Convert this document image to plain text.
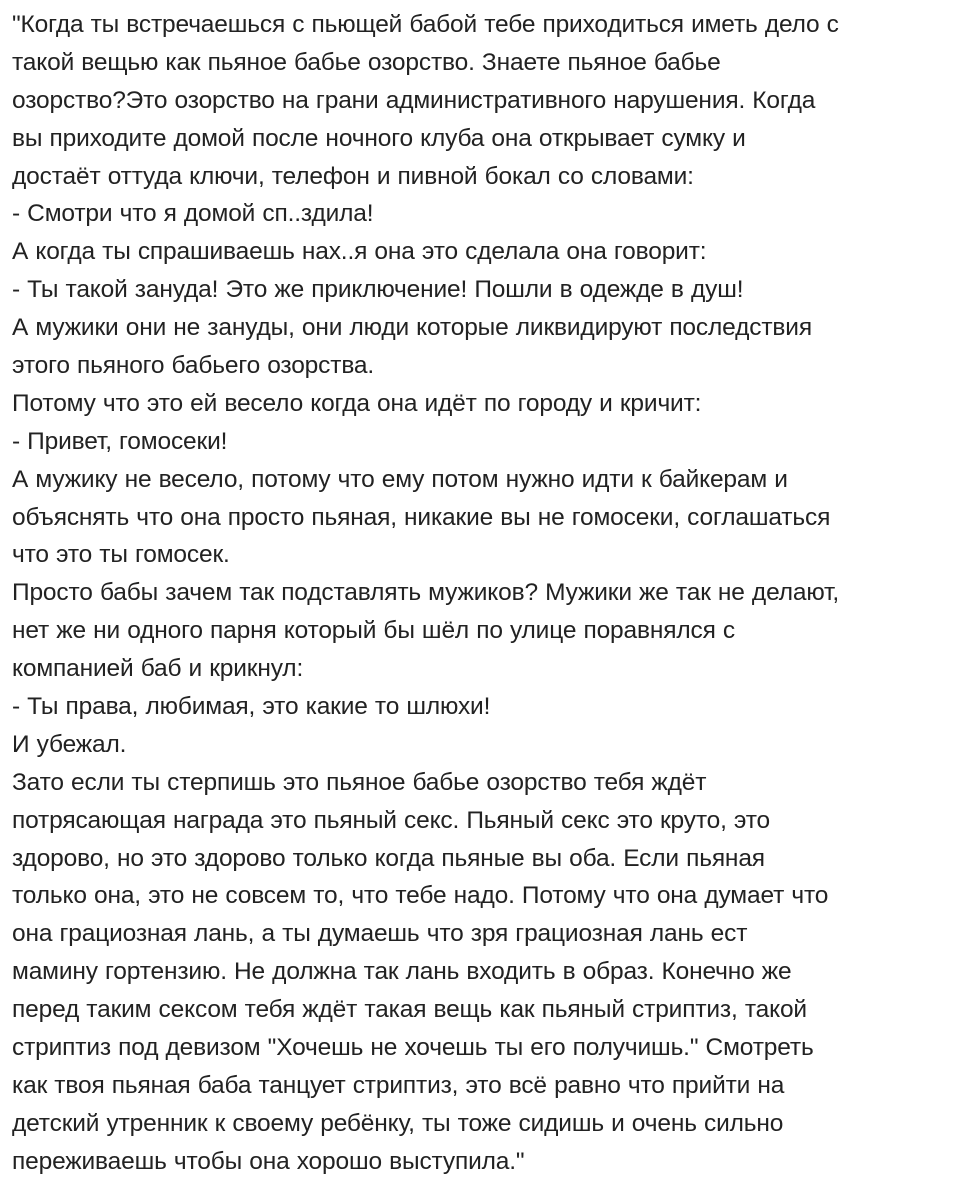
"Когда ты встречаешься с пьющей бабой тебе приходиться иметь дело с
такой вещью как пьяное бабье озорство. Знаете пьяное бабье
озорство?Это озорство на грани административного нарушения. Когда
вы приходите домой после ночного клуба она открывает сумку и
достаёт оттуда ключи, телефон и пивной бокал со словами:
- Смотри что я домой сп..здила!
А когда ты спрашиваешь нах..я она это сделала она говорит:
- Ты такой зануда! Это же приключение! Пошли в одежде в душ!
А мужики они не зануды, они люди которые ликвидируют последствия
этого пьяного бабьего озорства.
Потому что это ей весело когда она идёт по городу и кричит:
- Привет, гомосеки!
А мужику не весело, потому что ему потом нужно идти к байкерам и
объяснять что она просто пьяная, никакие вы не гомосеки, соглашаться
что это ты гомосек.
Просто бабы зачем так подставлять мужиков? Мужики же так не делают,
нет же ни одного парня который бы шёл по улице поравнялся с
компанией баб и крикнул:
- Ты права, любимая, это какие то шлюхи!
И убежал.
Зато если ты стерпишь это пьяное бабье озорство тебя ждёт
потрясающая награда это пьяный секс. Пьяный секс это круто, это
здорово, но это здорово только когда пьяные вы оба. Если пьяная
только она, это не совсем то, что тебе надо. Потому что она думает что
она грациозная лань, а ты думаешь что зря грациозная лань ест
мамину гортензию. Не должна так лань входить в образ. Конечно же
перед таким сексом тебя ждёт такая вещь как пьяный стриптиз, такой
стриптиз под девизом "Хочешь не хочешь ты его получишь." Смотреть
как твоя пьяная баба танцует стриптиз, это всё равно что прийти на
детский утренник к своему ребёнку, ты тоже сидишь и очень сильно
переживаешь чтобы она хорошо выступила."
